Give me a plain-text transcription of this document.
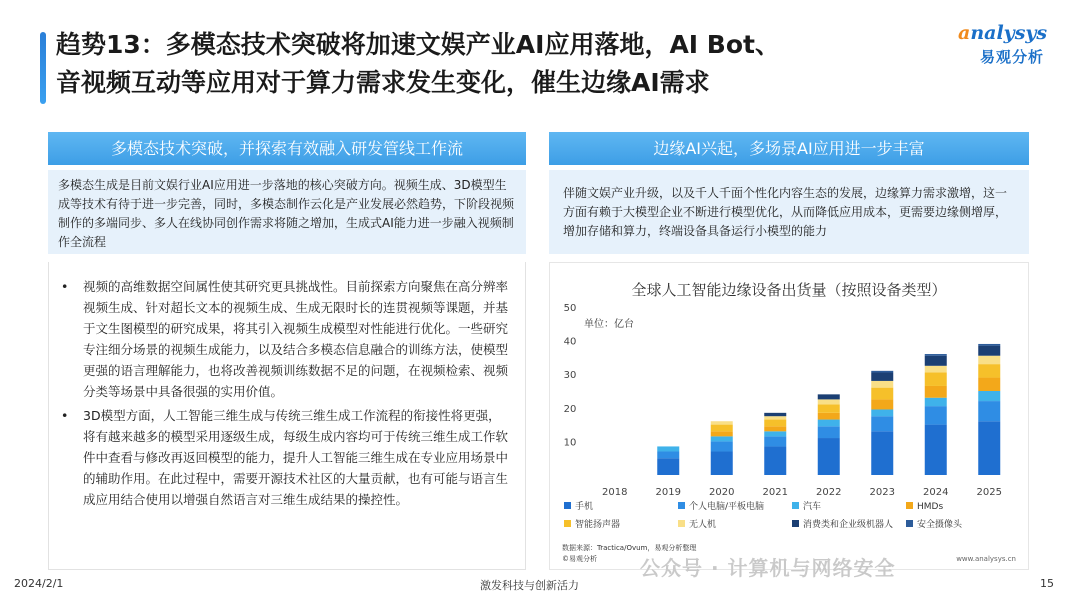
趋势13：多模态技术突破将加速文娱产业AI应用落地，AI Bot、
音视频互动等应用对于算力需求发生变化，催生边缘AI需求
analysys
易观分析
多模态技术突破，并探索有效融入研发管线工作流
多模态生成是目前文娱行业AI应用进一步落地的核心突破方向。视频生成、3D模型生成等技术有待于进一步完善，同时，多模态制作云化是产业发展必然趋势，下阶段视频制作的多端同步、多人在线协同创作需求将随之增加，生成式AI能力进一步融入视频制作全流程
• 视频的高维数据空间属性使其研究更具挑战性。目前探索方向聚焦在高分辨率视频生成、针对超长文本的视频生成、生成无限时长的连贯视频等课题，并基于文生图模型的研究成果，将其引入视频生成模型对性能进行优化。一些研究专注细分场景的视频生成能力，以及结合多模态信息融合的训练方法，使模型更强的语言理解能力，也将改善视频训练数据不足的问题，在视频检索、视频分类等场景中具备很强的实用价值。
• 3D模型方面，人工智能三维生成与传统三维生成工作流程的衔接性将更强，将有越来越多的模型采用逐级生成，每级生成内容均可于传统三维生成工作软件中查看与修改再返回模型的能力，提升人工智能三维生成在专业应用场景中的辅助作用。在此过程中，需要开源技术社区的大量贡献，也有可能与语言生成应用结合使用以增强自然语言对三维生成结果的操控性。
边缘AI兴起，多场景AI应用进一步丰富
伴随文娱产业升级，以及千人千面个性化内容生态的发展，边缘算力需求激增，这一方面有赖于大模型企业不断进行模型优化，从而降低应用成本，更需要边缘侧增厚，增加存储和算力，终端设备具备运行小模型的能力
全球人工智能边缘设备出货量（按照设备类型）
单位：亿台
10
20
30
40
50
2018	2019	2020	2021	2022	2023	2024	2025
手机	个人电脑/平板电脑	汽车	HMDs
智能扬声器	无人机	消费类和企业级机器人	安全摄像头
数据来源：Tractica/Ovum，易观分析整理
©易观分析	www.analysys.cn
公众号 · 计算机与网络安全
2024/2/1	激发科技与创新活力	15
